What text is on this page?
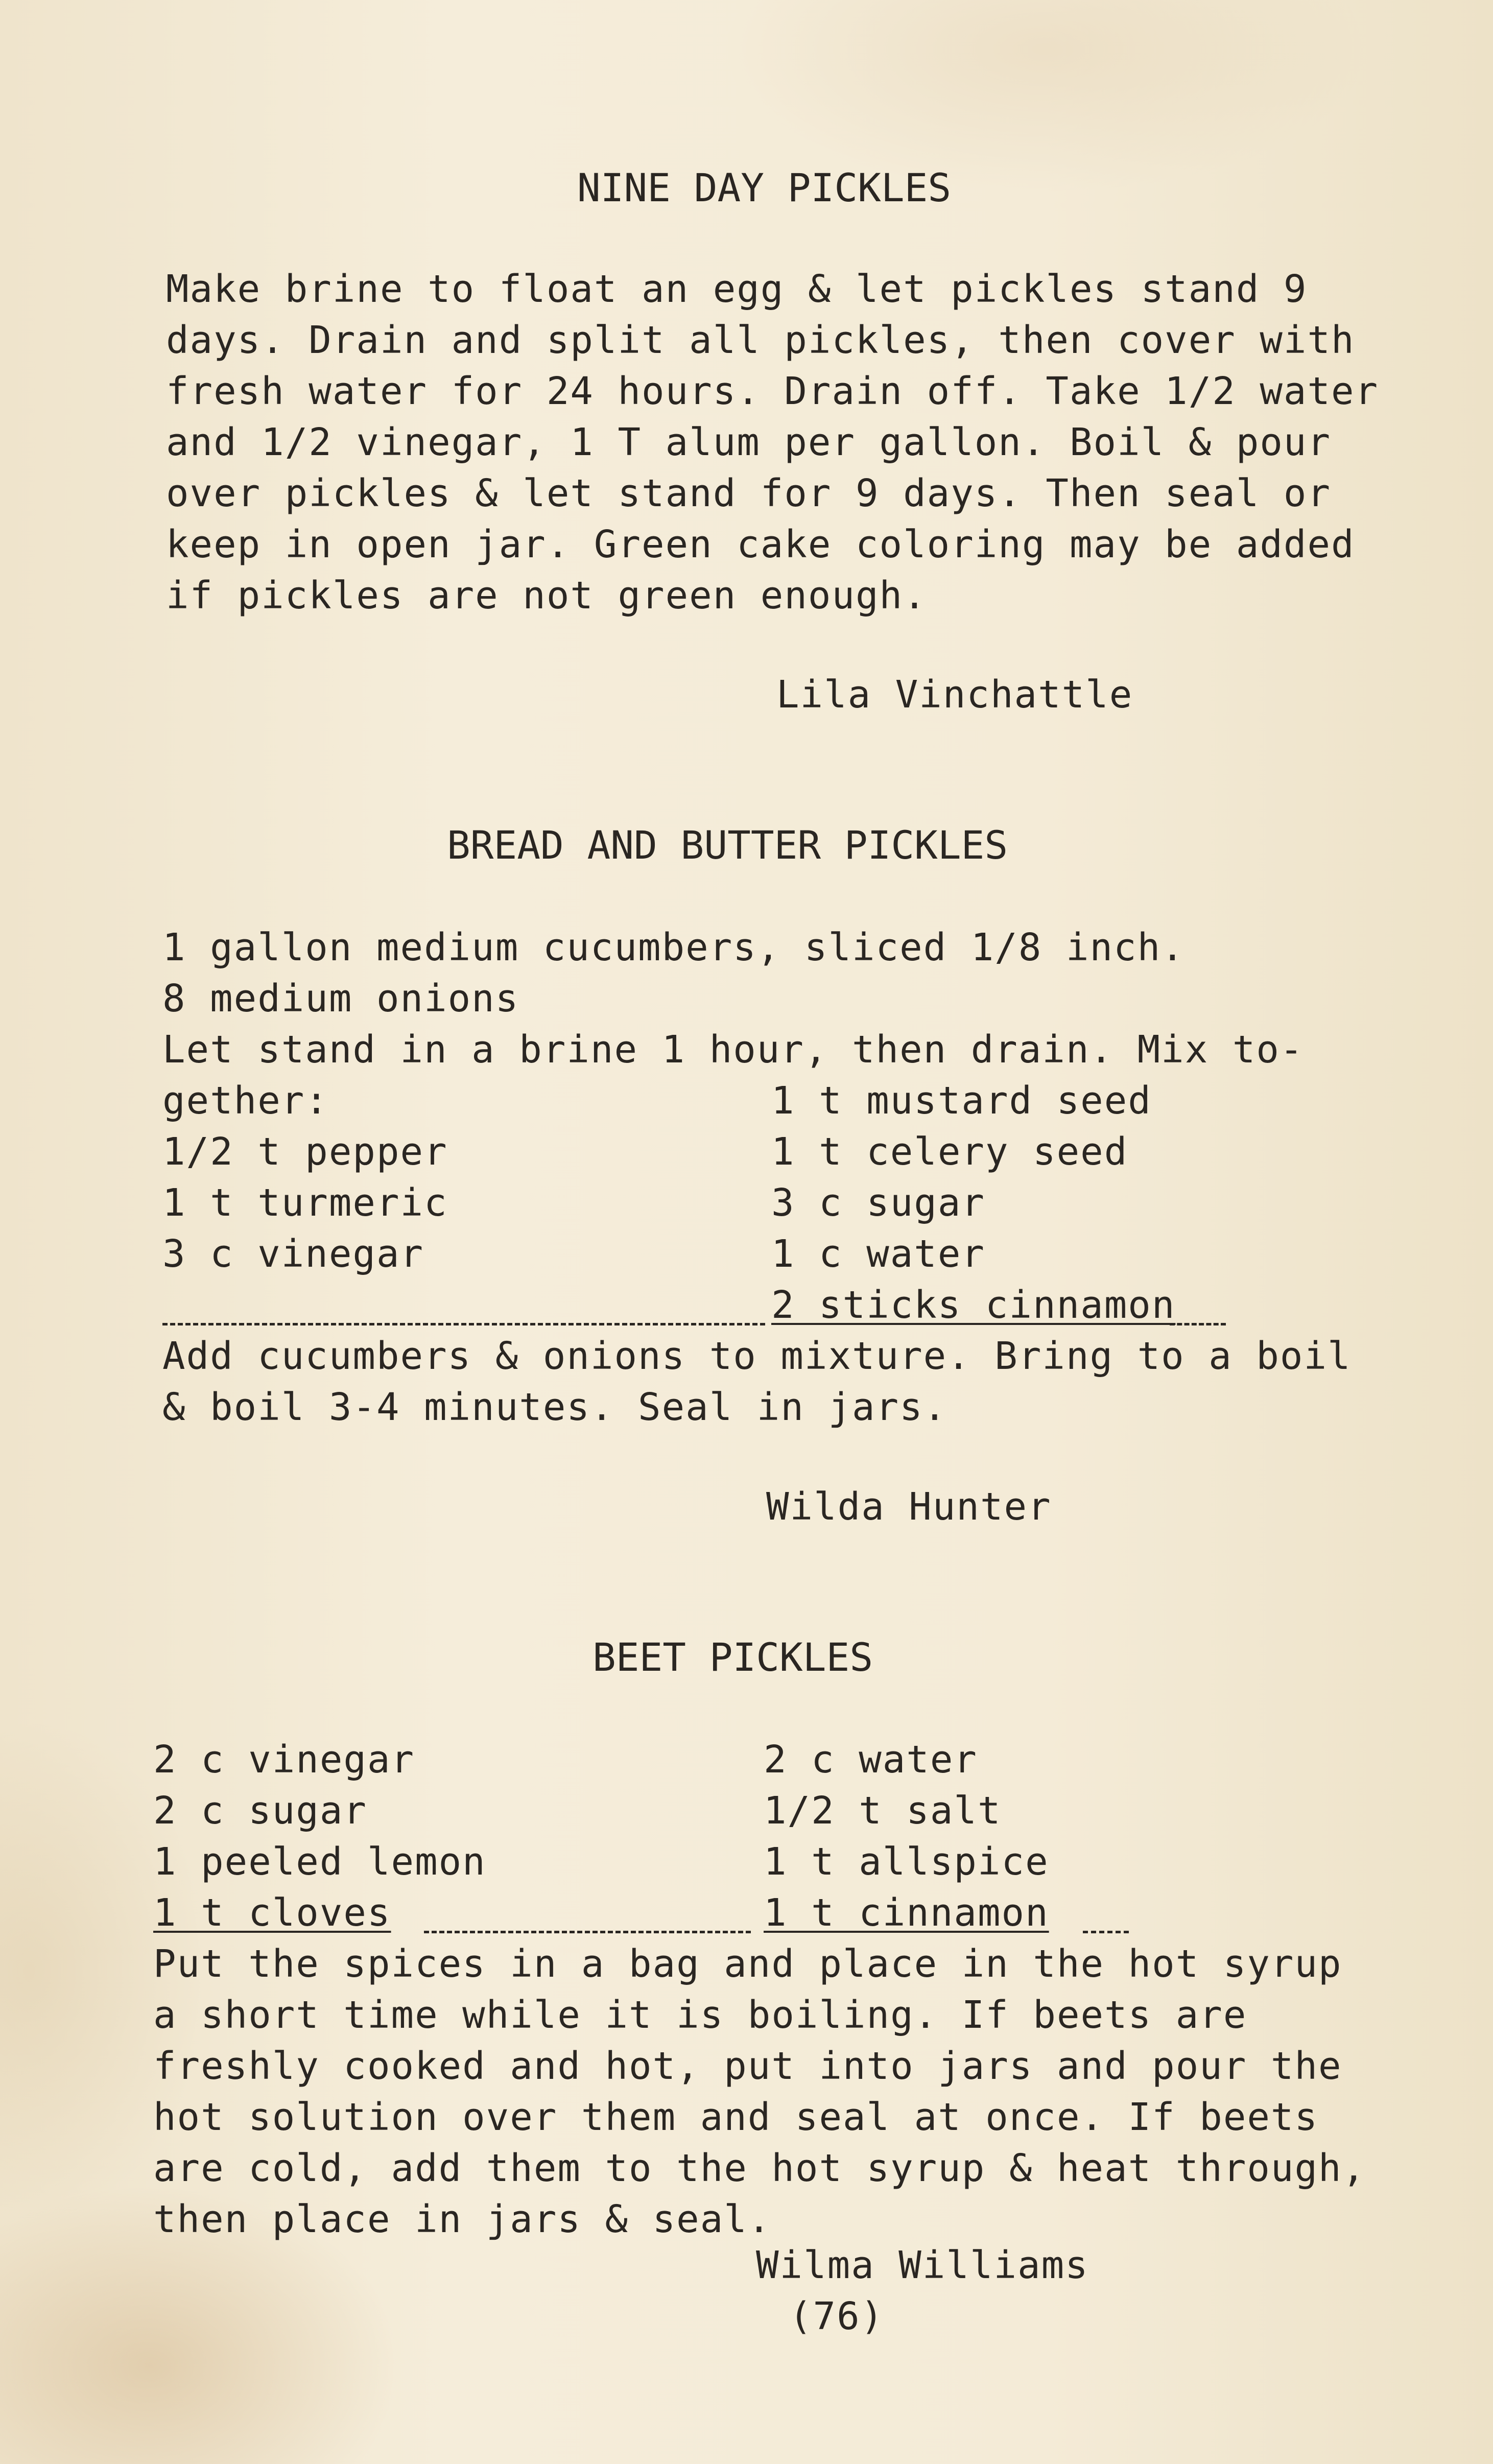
NINE DAY PICKLES
Make brine to float an egg & let pickles stand 9
days. Drain and split all pickles, then cover with
fresh water for 24 hours. Drain off. Take 1/2 water
and 1/2 vinegar, 1 T alum per gallon. Boil & pour
over pickles & let stand for 9 days. Then seal or
keep in open jar. Green cake coloring may be added
if pickles are not green enough.
Lila Vinchattle
BREAD AND BUTTER PICKLES
1 gallon medium cucumbers, sliced 1/8 inch.
8 medium onions
Let stand in a brine 1 hour, then drain. Mix to-
gether:
1/2 t pepper
1 t turmeric
3 c vinegar
1 t mustard seed
1 t celery seed
3 c sugar
1 c water
2 sticks cinnamon
Add cucumbers & onions to mixture. Bring to a boil
& boil 3-4 minutes. Seal in jars.
Wilda Hunter
BEET PICKLES
2 c vinegar
2 c sugar
1 peeled lemon
1 t cloves
2 c water
1/2 t salt
1 t allspice
1 t cinnamon
Put the spices in a bag and place in the hot syrup
a short time while it is boiling. If beets are
freshly cooked and hot, put into jars and pour the
hot solution over them and seal at once. If beets
are cold, add them to the hot syrup & heat through,
then place in jars & seal.
Wilma Williams
(76)
